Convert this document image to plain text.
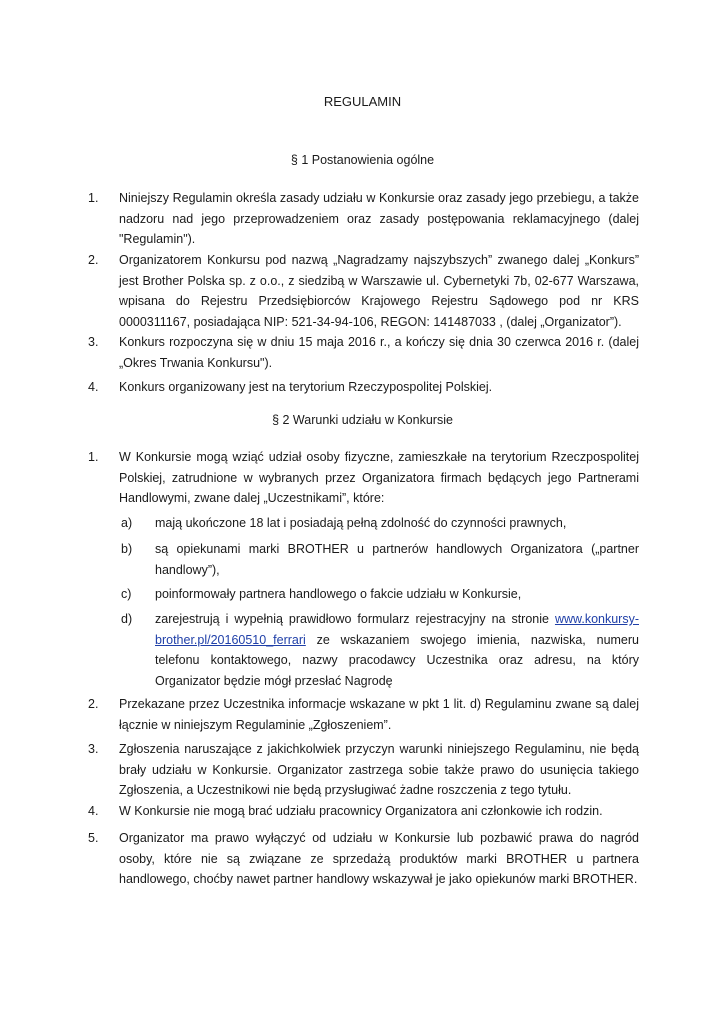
REGULAMIN
§ 1 Postanowienia ogólne
1. Niniejszy Regulamin określa zasady udziału w Konkursie oraz zasady jego przebiegu, a także nadzoru nad jego przeprowadzeniem oraz zasady postępowania reklamacyjnego (dalej "Regulamin").
2. Organizatorem Konkursu pod nazwą „Nagradzamy najszybszych” zwanego dalej „Konkurs” jest Brother Polska sp. z o.o., z siedzibą w Warszawie ul. Cybernetyki 7b, 02-677 Warszawa, wpisana do Rejestru Przedsiębiorców Krajowego Rejestru Sądowego pod nr KRS 0000311167, posiadająca NIP: 521-34-94-106, REGON: 141487033 , (dalej „Organizator”).
3. Konkurs rozpoczyna się w dniu 15 maja 2016 r., a kończy się dnia 30 czerwca 2016 r. (dalej „Okres Trwania Konkursu").
4. Konkurs organizowany jest na terytorium Rzeczypospolitej Polskiej.
§ 2 Warunki udziału w Konkursie
1. W Konkursie mogą wziąć udział osoby fizyczne, zamieszkałe na terytorium Rzeczpospolitej Polskiej, zatrudnione w wybranych przez Organizatora firmach będących jego Partnerami Handlowymi, zwane dalej „Uczestnikami”, które:
a) mają ukończone 18 lat i posiadają pełną zdolność do czynności prawnych,
b) są opiekunami marki BROTHER u partnerów handlowych Organizatora („partner handlowy”),
c) poinformowały partnera handlowego o fakcie udziału w Konkursie,
d) zarejestrują i wypełnią prawidłowo formularz rejestracyjny na stronie www.konkursy-brother.pl/20160510_ferrari ze wskazaniem swojego imienia, nazwiska, numeru telefonu kontaktowego, nazwy pracodawcy Uczestnika oraz adresu, na który Organizator będzie mógł przesłać Nagrodę
2. Przekazane przez Uczestnika informacje wskazane w pkt 1 lit. d) Regulaminu zwane są dalej łącznie w niniejszym Regulaminie „Zgłoszeniem”.
3. Zgłoszenia naruszające z jakichkolwiek przyczyn warunki niniejszego Regulaminu, nie będą brały udziału w Konkursie. Organizator zastrzega sobie także prawo do usunięcia takiego Zgłoszenia, a Uczestnikowi nie będą przysługiwać żadne roszczenia z tego tytułu.
4. W Konkursie nie mogą brać udziału pracownicy Organizatora ani członkowie ich rodzin.
5. Organizator ma prawo wyłączyć od udziału w Konkursie lub pozbawić prawa do nagród osoby, które nie są związane ze sprzedażą produktów marki BROTHER u partnera handlowego, choćby nawet partner handlowy wskazywał je jako opiekunów marki BROTHER.
